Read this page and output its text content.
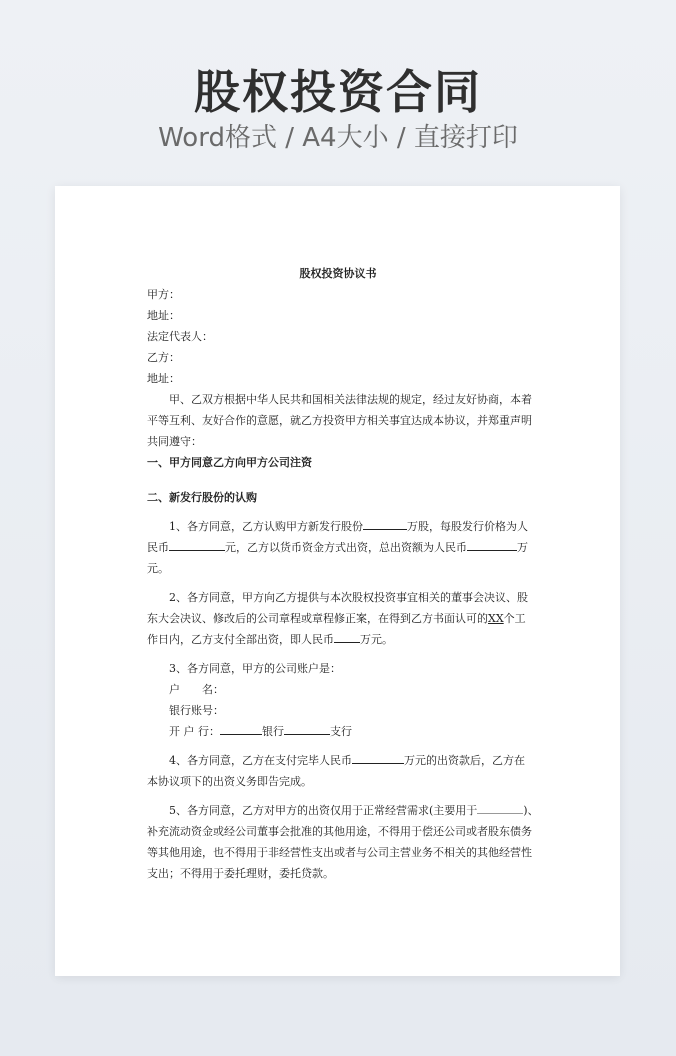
股权投资合同
Word格式 / A4大小 / 直接打印
股权投资协议书
甲方：
地址：
法定代表人：
乙方：
地址：
甲、乙双方根据中华人民共和国相关法律法规的规定，经过友好协商，本着
平等互利、友好合作的意愿，就乙方投资甲方相关事宜达成本协议，并郑重声明
共同遵守：
一、甲方同意乙方向甲方公司注资
二、新发行股份的认购
1、各方同意，乙方认购甲方新发行股份	万股，每股发行价格为人
民币	元，乙方以货币资金方式出资，总出资额为人民币	万
元。
2、各方同意，甲方向乙方提供与本次股权投资事宜相关的董事会决议、股
东大会决议、修改后的公司章程或章程修正案，在得到乙方书面认可的XX个工
作日内，乙方支付全部出资，即人民币 万元。
3、各方同意，甲方的公司账户是：
户　　名：
银行账号：
开 户 行：	银行	支行
4、各方同意，乙方在支付完毕人民币	万元的出资款后，乙方在
本协议项下的出资义务即告完成。
5、各方同意，乙方对甲方的出资仅用于正常经营需求(主要用于	)、
补充流动资金或经公司董事会批准的其他用途，不得用于偿还公司或者股东债务
等其他用途，也不得用于非经营性支出或者与公司主营业务不相关的其他经营性
支出；不得用于委托理财，委托贷款。
